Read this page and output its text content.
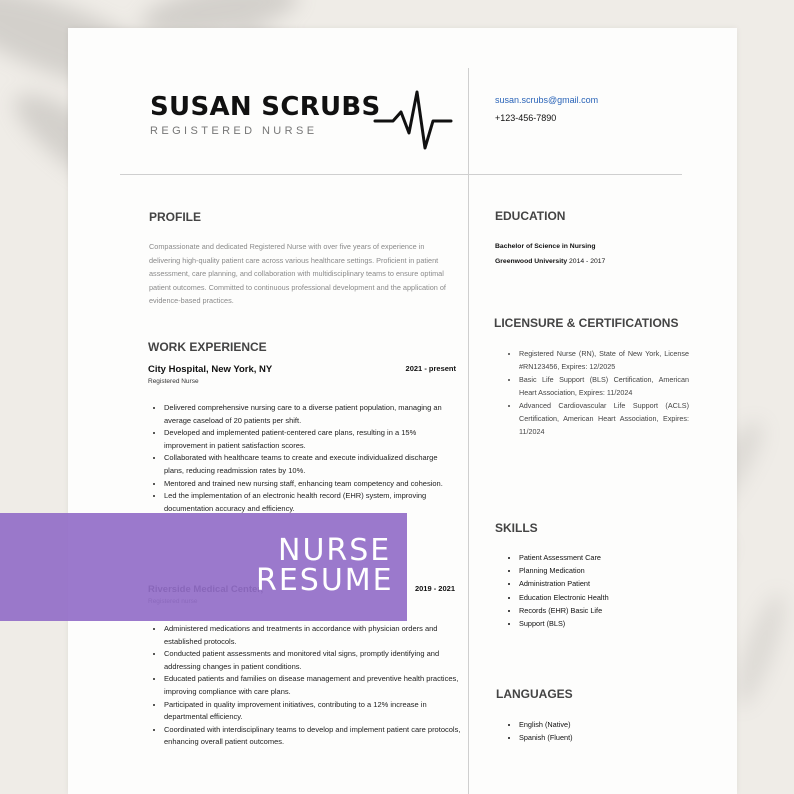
SUSAN SCRUBS
REGISTERED NURSE
susan.scrubs@gmail.com
+123-456-7890
PROFILE
Compassionate and dedicated Registered Nurse with over five years of experience in delivering high-quality patient care across various healthcare settings. Proficient in patient assessment, care planning, and collaboration with multidisciplinary teams to ensure optimal patient outcomes. Committed to continuous professional development and the application of evidence-based practices.
WORK EXPERIENCE
City Hospital, New York, NY	2021 - present
Registered Nurse
• Delivered comprehensive nursing care to a diverse patient population, managing an average caseload of 20 patients per shift.
• Developed and implemented patient-centered care plans, resulting in a 15% improvement in patient satisfaction scores.
• Collaborated with healthcare teams to create and execute individualized discharge plans, reducing readmission rates by 10%.
• Mentored and trained new nursing staff, enhancing team competency and cohesion.
• Led the implementation of an electronic health record (EHR) system, improving documentation accuracy and efficiency.
2019 - 2021
• Administered medications and treatments in accordance with physician orders and established protocols.
• Conducted patient assessments and monitored vital signs, promptly identifying and addressing changes in patient conditions.
• Educated patients and families on disease management and preventive health practices, improving compliance with care plans.
• Participated in quality improvement initiatives, contributing to a 12% increase in departmental efficiency.
• Coordinated with interdisciplinary teams to develop and implement patient care protocols, enhancing overall patient outcomes.
EDUCATION
Bachelor of Science in Nursing
Greenwood University 2014 - 2017
LICENSURE & CERTIFICATIONS
• Registered Nurse (RN), State of New York, License #RN123456, Expires: 12/2025
• Basic Life Support (BLS) Certification, American Heart Association, Expires: 11/2024
• Advanced Cardiovascular Life Support (ACLS) Certification, American Heart Association, Expires: 11/2024
SKILLS
• Patient Assessment Care
• Planning Medication
• Administration Patient
• Education Electronic Health
• Records (EHR) Basic Life
• Support (BLS)
LANGUAGES
• English (Native)
• Spanish (Fluent)
NURSE
RESUME
